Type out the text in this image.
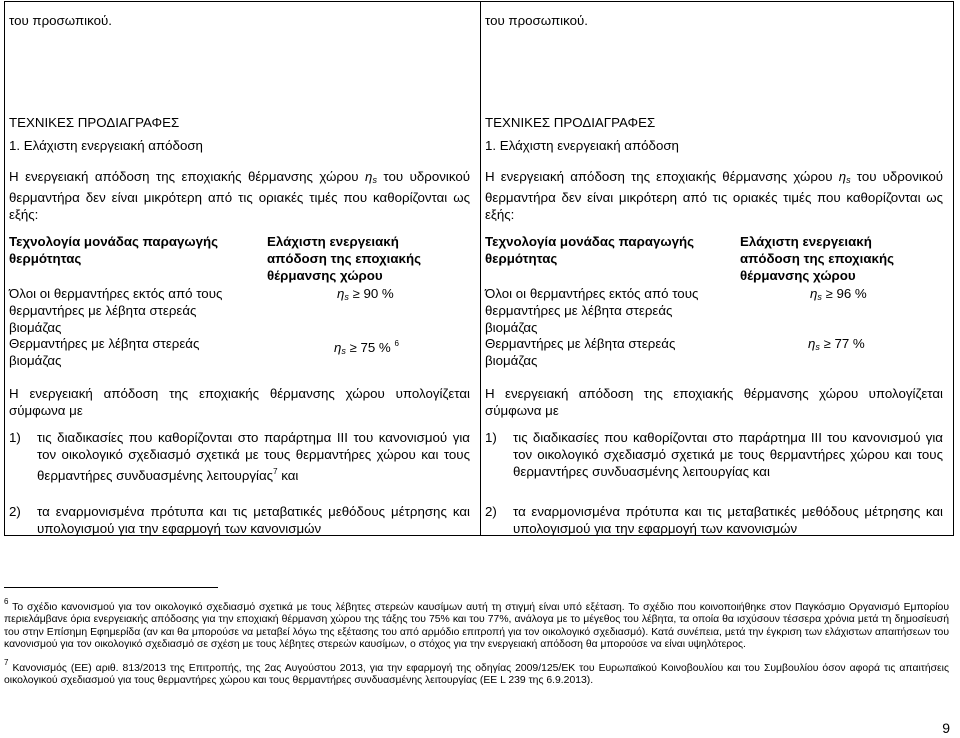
του προσωπικού.
ΤΕΧΝΙΚΕΣ ΠΡΟΔΙΑΓΡΑΦΕΣ
1. Ελάχιστη ενεργειακή απόδοση
Η ενεργειακή απόδοση της εποχιακής θέρμανσης χώρου $\eta_s$ του υδρονικού θερμαντήρα δεν είναι μικρότερη από τις οριακές τιμές που καθορίζονται ως εξής:
Τεχνολογία μονάδας παραγωγής θερμότητας
Ελάχιστη ενεργειακή απόδοση της εποχιακής θέρμανσης χώρου
Όλοι οι θερμαντήρες εκτός από τους θερμαντήρες με λέβητα στερεάς βιομάζας
$\eta_s \ge 90$ %
Θερμαντήρες με λέβητα στερεάς βιομάζας
$\eta_s \ge 75$ % $^6$
Η ενεργειακή απόδοση της εποχιακής θέρμανσης χώρου υπολογίζεται σύμφωνα με
1) τις διαδικασίες που καθορίζονται στο παράρτημα ΙΙΙ του κανονισμού για τον οικολογικό σχεδιασμό σχετικά με τους θερμαντήρες χώρου και τους θερμαντήρες συνδυασμένης λειτουργίας$^7$ και
2) τα εναρμονισμένα πρότυπα και τις μεταβατικές μεθόδους μέτρησης και υπολογισμού για την εφαρμογή των κανονισμών
του προσωπικού.
ΤΕΧΝΙΚΕΣ ΠΡΟΔΙΑΓΡΑΦΕΣ
1. Ελάχιστη ενεργειακή απόδοση
Η ενεργειακή απόδοση της εποχιακής θέρμανσης χώρου $\eta_s$ του υδρονικού θερμαντήρα δεν είναι μικρότερη από τις οριακές τιμές που καθορίζονται ως εξής:
Τεχνολογία μονάδας παραγωγής θερμότητας
Ελάχιστη ενεργειακή απόδοση της εποχιακής θέρμανσης χώρου
Όλοι οι θερμαντήρες εκτός από τους θερμαντήρες με λέβητα στερεάς βιομάζας
$\eta_s \ge 96$ %
Θερμαντήρες με λέβητα στερεάς βιομάζας
$\eta_s \ge 77$ %
Η ενεργειακή απόδοση της εποχιακής θέρμανσης χώρου υπολογίζεται σύμφωνα με
1) τις διαδικασίες που καθορίζονται στο παράρτημα ΙΙΙ του κανονισμού για τον οικολογικό σχεδιασμό σχετικά με τους θερμαντήρες χώρου και τους θερμαντήρες συνδυασμένης λειτουργίας και
2) τα εναρμονισμένα πρότυπα και τις μεταβατικές μεθόδους μέτρησης και υπολογισμού για την εφαρμογή των κανονισμών
$^6$ Το σχέδιο κανονισμού για τον οικολογικό σχεδιασμό σχετικά με τους λέβητες στερεών καυσίμων αυτή τη στιγμή είναι υπό εξέταση. Το σχέδιο που κοινοποιήθηκε στον Παγκόσμιο Οργανισμό Εμπορίου περιελάμβανε όρια ενεργειακής απόδοσης για την εποχιακή θέρμανση χώρου της τάξης του 75% και του 77%, ανάλογα με το μέγεθος του λέβητα, τα οποία θα ισχύσουν τέσσερα χρόνια μετά τη δημοσίευσή του στην Επίσημη Εφημερίδα (αν και θα μπορούσε να μεταβεί λόγω της εξέτασης του από αρμόδιο επιτροπή για τον οικολογικό σχεδιασμό). Κατά συνέπεια, μετά την έγκριση των ελάχιστων απαιτήσεων του κανονισμού για τον οικολογικό σχεδιασμό σε σχέση με τους λέβητες στερεών καυσίμων, ο στόχος για την ενεργειακή απόδοση θα μπορούσε να είναι υψηλότερος.
$^7$ Κανονισμός (ΕΕ) αριθ. 813/2013 της Επιτροπής, της 2ας Αυγούστου 2013, για την εφαρμογή της οδηγίας 2009/125/ΕΚ του Ευρωπαϊκού Κοινοβουλίου και του Συμβουλίου όσον αφορά τις απαιτήσεις οικολογικού σχεδιασμού για τους θερμαντήρες χώρου και τους θερμαντήρες συνδυασμένης λειτουργίας (ΕΕ L 239 της 6.9.2013).
9
